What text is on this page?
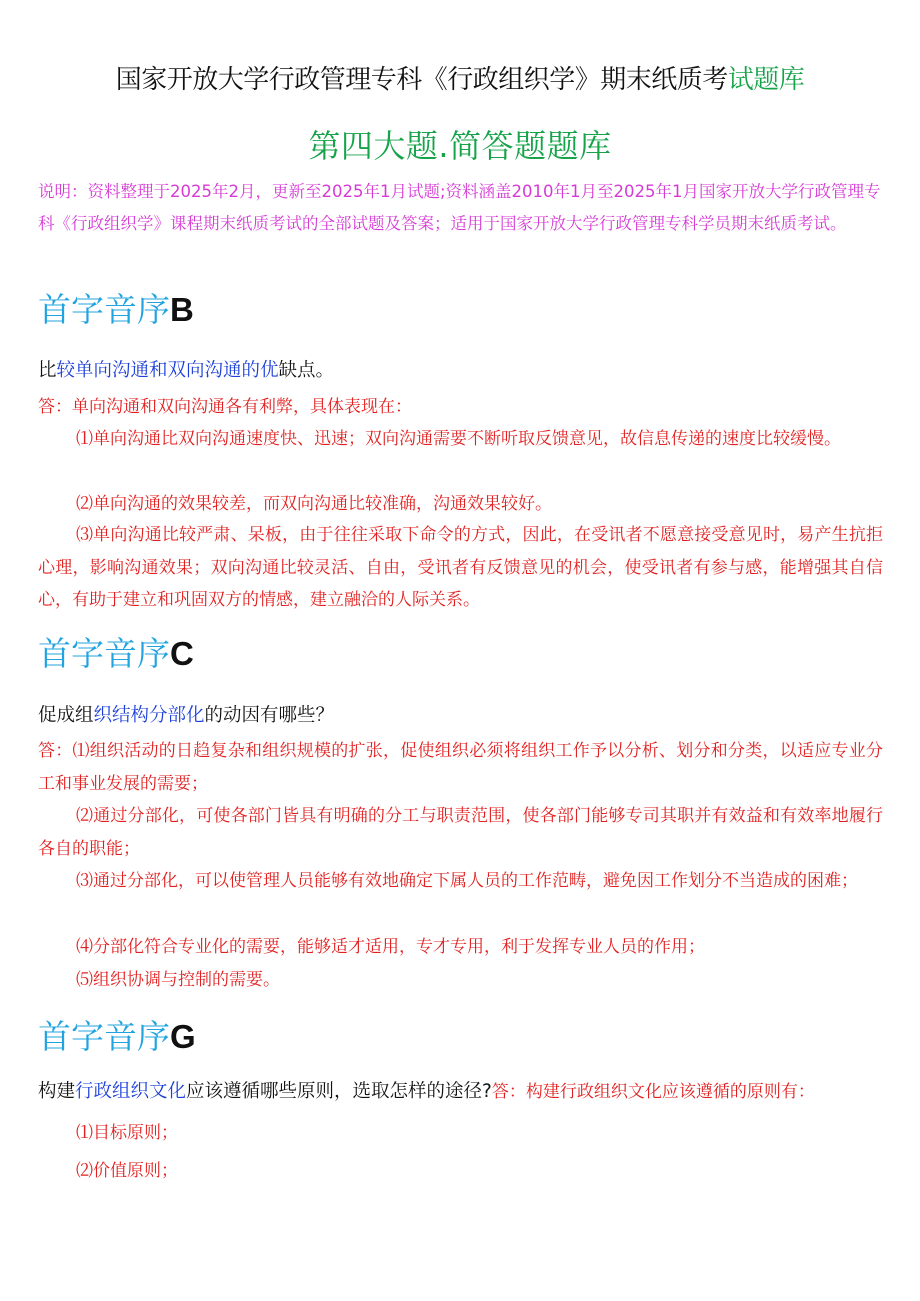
国家开放大学行政管理专科《行政组织学》期末纸质考试题库
第四大题.简答题题库
说明：资料整理于2025年2月，更新至2025年1月试题;资料涵盖2010年1月至2025年1月国家开放大学行政管理专科《行政组织学》课程期末纸质考试的全部试题及答案；适用于国家开放大学行政管理专科学员期末纸质考试。
首字音序B
比较单向沟通和双向沟通的优缺点。
答：单向沟通和双向沟通各有利弊，具体表现在：
⑴单向沟通比双向沟通速度快、迅速；双向沟通需要不断听取反馈意见，故信息传递的速度比较缓慢。
⑵单向沟通的效果较差，而双向沟通比较准确，沟通效果较好。
⑶单向沟通比较严肃、呆板，由于往往采取下命令的方式，因此，在受讯者不愿意接受意见时，易产生抗拒心理，影响沟通效果；双向沟通比较灵活、自由，受讯者有反馈意见的机会，使受讯者有参与感，能增强其自信心，有助于建立和巩固双方的情感，建立融洽的人际关系。
首字音序C
促成组织结构分部化的动因有哪些？
答：⑴组织活动的日趋复杂和组织规模的扩张，促使组织必须将组织工作予以分析、划分和分类，以适应专业分工和事业发展的需要；
⑵通过分部化，可使各部门皆具有明确的分工与职责范围，使各部门能够专司其职并有效益和有效率地履行各自的职能；
⑶通过分部化，可以使管理人员能够有效地确定下属人员的工作范畴，避免因工作划分不当造成的困难；
⑷分部化符合专业化的需要，能够适才适用，专才专用，利于发挥专业人员的作用；
⑸组织协调与控制的需要。
首字音序G
构建行政组织文化应该遵循哪些原则，选取怎样的途径?答：构建行政组织文化应该遵循的原则有：
⑴目标原则；
⑵价值原则；
